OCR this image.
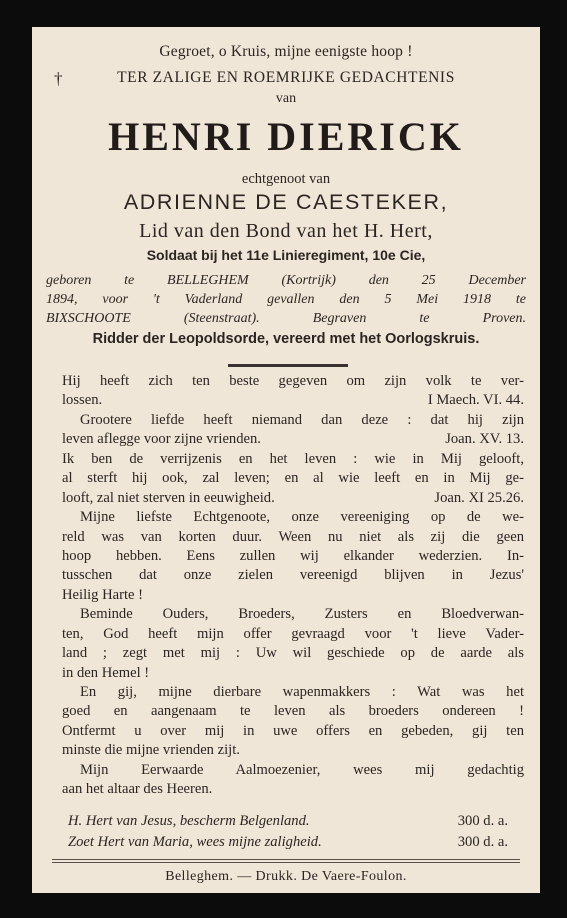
Gegroet, o Kruis, mijne eenigste hoop !
†	TER ZALIGE EN ROEMRIJKE GEDACHTENIS
van
HENRI DIERICK
echtgenoot van
ADRIENNE DE CAESTEKER,
Lid van den Bond van het H. Hert,
Soldaat bij het 11e Linieregiment, 10e Cie,
geboren te BELLEGHEM (Kortrijk) den 25 December
1894, voor 't Vaderland gevallen den 5 Mei 1918 te
BIXSCHOOTE (Steenstraat). Begraven te Proven.
Ridder der Leopoldsorde, vereerd met het Oorlogskruis.
Hij heeft zich ten beste gegeven om zijn volk te ver-
lossen.	I Maech. VI. 44.
Grootere liefde heeft niemand dan deze : dat hij zijn
leven aflegge voor zijne vrienden.	Joan. XV. 13.
Ik ben de verrijzenis en het leven : wie in Mij gelooft,
al sterft hij ook, zal leven; en al wie leeft en in Mij ge-
looft, zal niet sterven in eeuwigheid.	Joan. XI 25.26.
Mijne liefste Echtgenoote, onze vereeniging op de we-
reld was van korten duur. Ween nu niet als zij die geen
hoop hebben. Eens zullen wij elkander wederzien. In-
tusschen dat onze zielen vereenigd blijven in Jezus'
Heilig Harte !
Beminde Ouders, Broeders, Zusters en Bloedverwan-
ten, God heeft mijn offer gevraagd voor 't lieve Vader-
land ; zegt met mij : Uw wil geschiede op de aarde als
in den Hemel !
En gij, mijne dierbare wapenmakkers : Wat was het
goed en aangenaam te leven als broeders ondereen !
Ontfermt u over mij in uwe offers en gebeden, gij ten
minste die mijne vrienden zijt.
Mijn Eerwaarde Aalmoezenier, wees mij gedachtig
aan het altaar des Heeren.
H. Hert van Jesus, bescherm Belgenland.	300 d. a.
Zoet Hert van Maria, wees mijne zaligheid.	300 d. a.
Belleghem. — Drukk. De Vaere-Foulon.
